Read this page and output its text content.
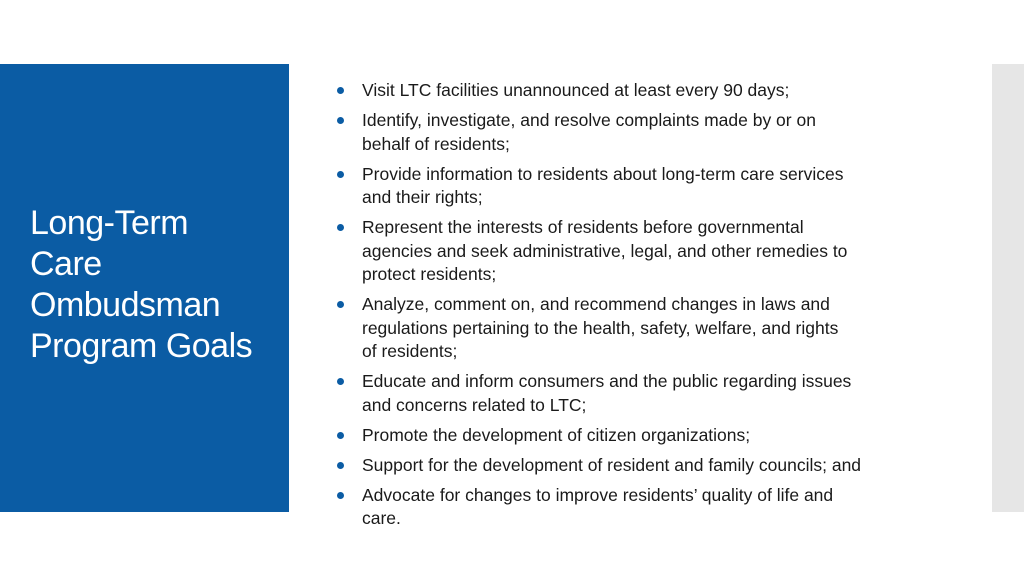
Long-Term
Care
Ombudsman
Program Goals
Visit LTC facilities unannounced at least every 90 days;
Identify, investigate, and resolve complaints made by or on
behalf of residents;
Provide information to residents about long-term care services
and their rights;
Represent the interests of residents before governmental
agencies and seek administrative, legal, and other remedies to
protect residents;
Analyze, comment on, and recommend changes in laws and
regulations pertaining to the health, safety, welfare, and rights
of residents;
Educate and inform consumers and the public regarding issues
and concerns related to LTC;
Promote the development of citizen organizations;
Support for the development of resident and family councils; and
Advocate for changes to improve residents’ quality of life and
care.
